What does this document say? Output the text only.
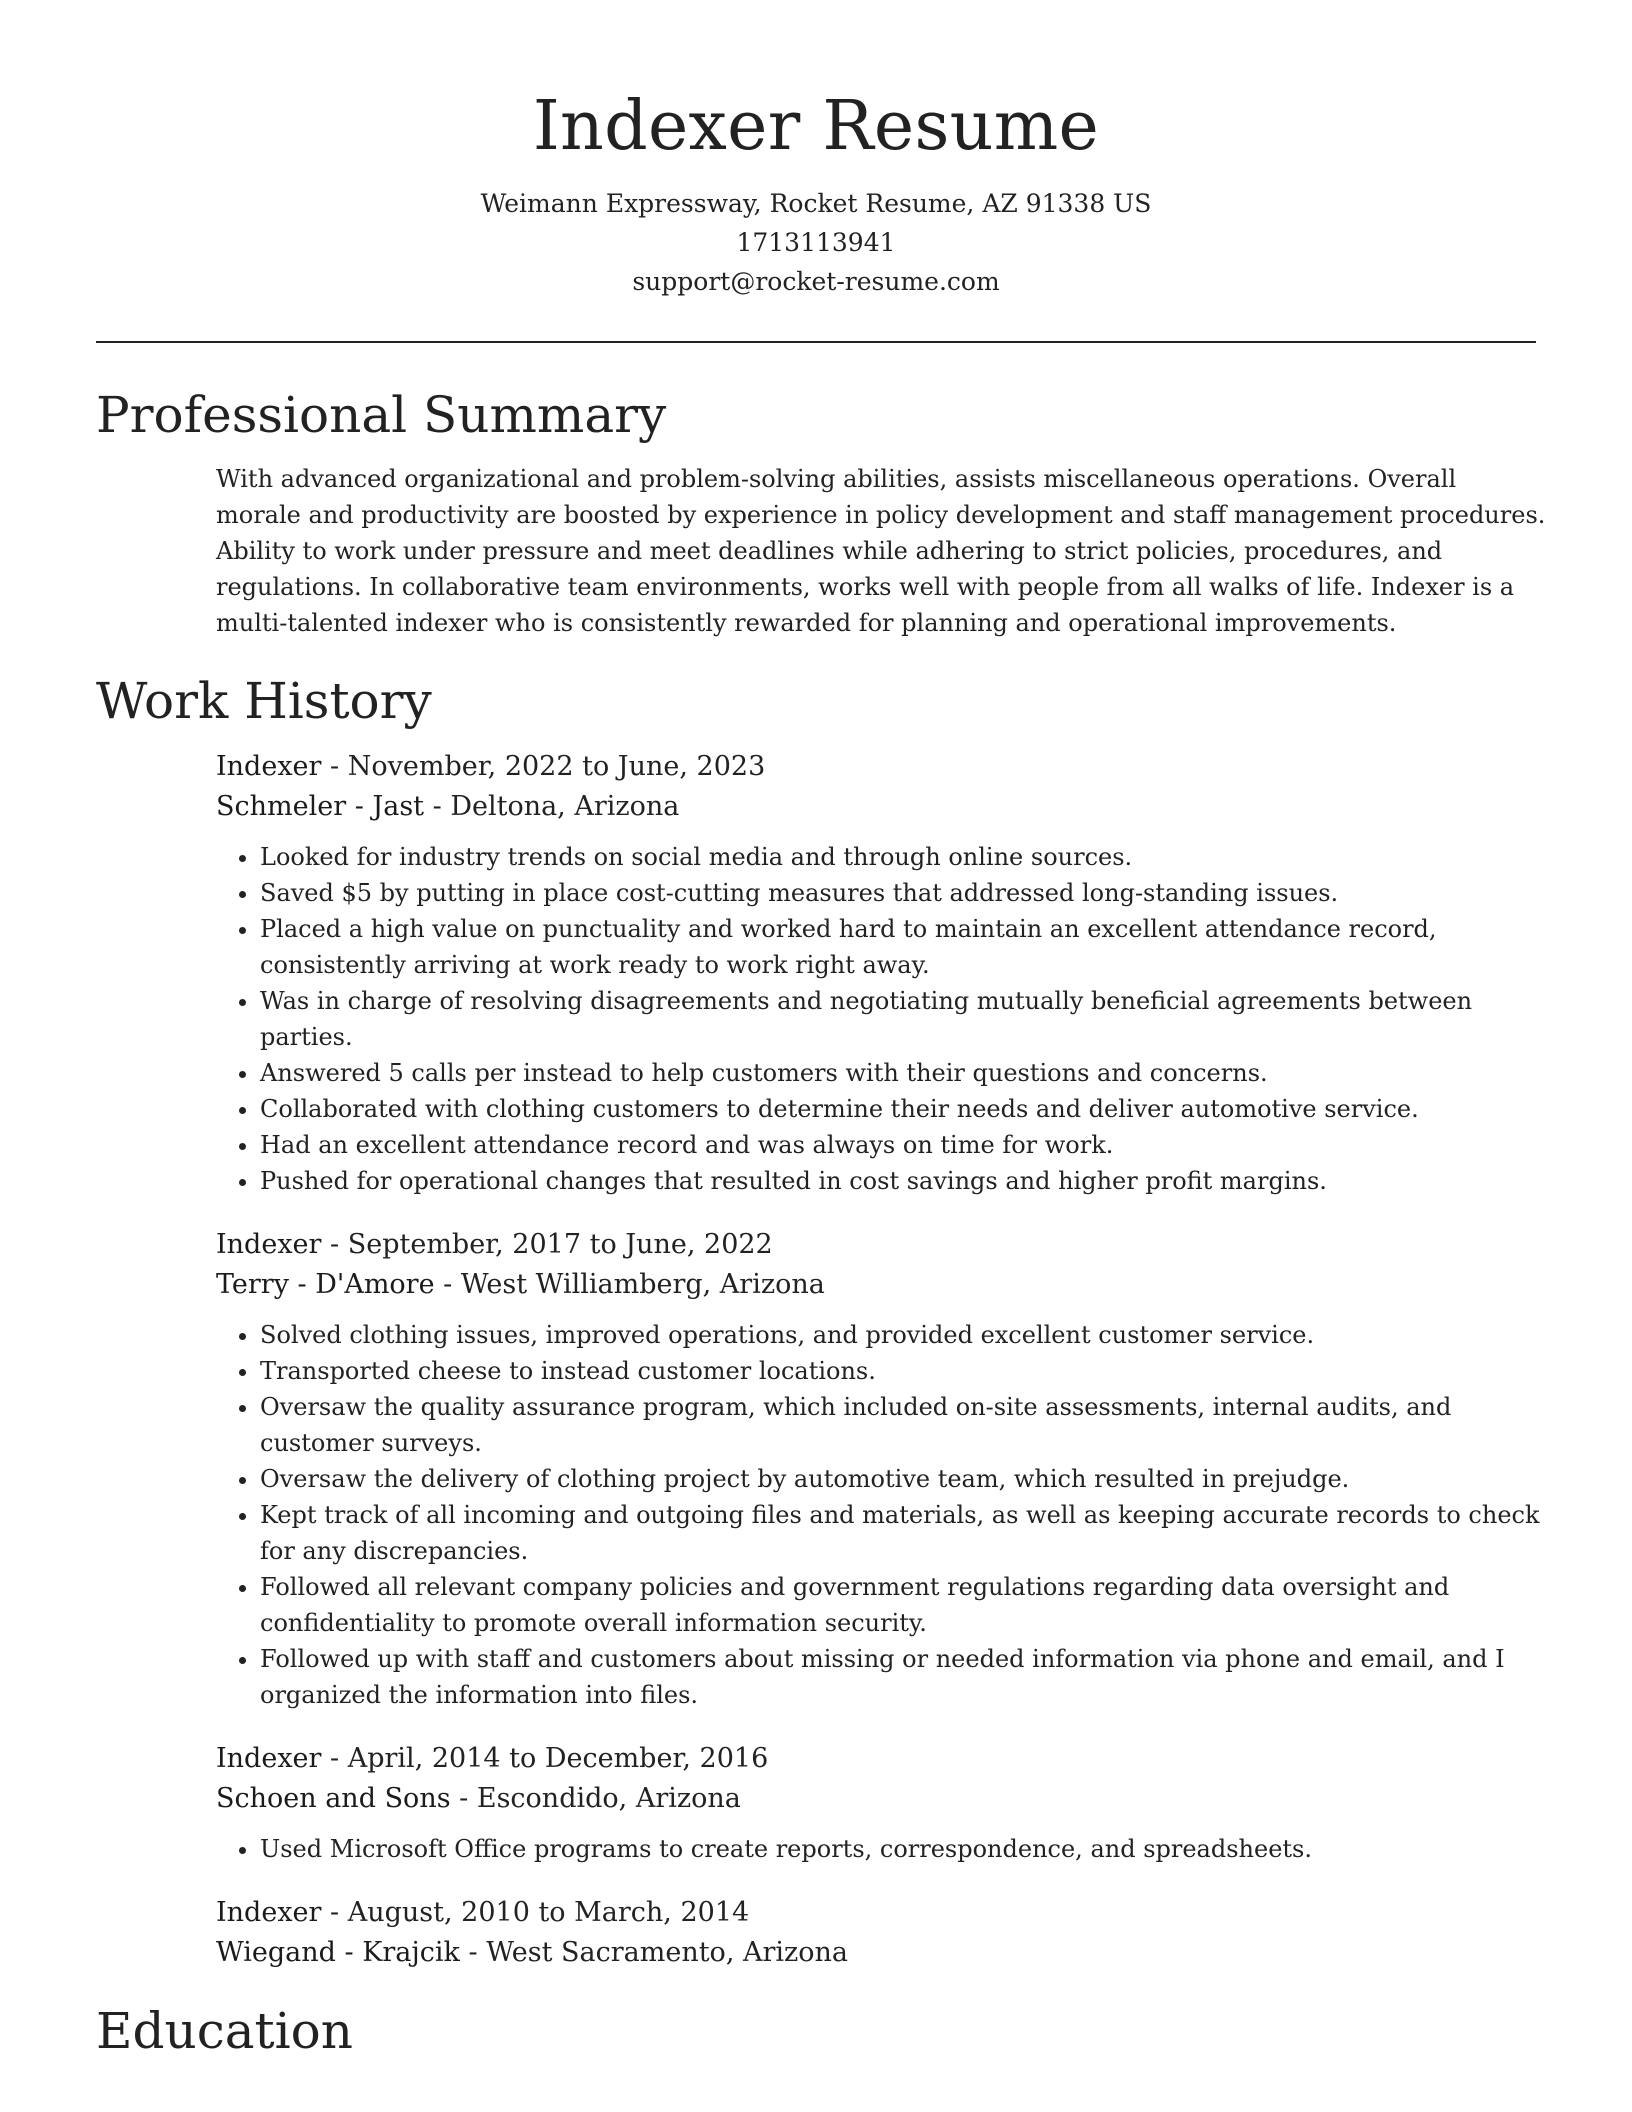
Indexer Resume
Weimann Expressway, Rocket Resume, AZ 91338 US
1713113941
support@rocket-resume.com
Professional Summary
With advanced organizational and problem-solving abilities, assists miscellaneous operations. Overall morale and productivity are boosted by experience in policy development and staff management procedures. Ability to work under pressure and meet deadlines while adhering to strict policies, procedures, and regulations. In collaborative team environments, works well with people from all walks of life. Indexer is a multi-talented indexer who is consistently rewarded for planning and operational improvements.
Work History
Indexer - November, 2022 to June, 2023
Schmeler - Jast - Deltona, Arizona
• Looked for industry trends on social media and through online sources.
• Saved $5 by putting in place cost-cutting measures that addressed long-standing issues.
• Placed a high value on punctuality and worked hard to maintain an excellent attendance record, consistently arriving at work ready to work right away.
• Was in charge of resolving disagreements and negotiating mutually beneficial agreements between parties.
• Answered 5 calls per instead to help customers with their questions and concerns.
• Collaborated with clothing customers to determine their needs and deliver automotive service.
• Had an excellent attendance record and was always on time for work.
• Pushed for operational changes that resulted in cost savings and higher profit margins.
Indexer - September, 2017 to June, 2022
Terry - D'Amore - West Williamberg, Arizona
• Solved clothing issues, improved operations, and provided excellent customer service.
• Transported cheese to instead customer locations.
• Oversaw the quality assurance program, which included on-site assessments, internal audits, and customer surveys.
• Oversaw the delivery of clothing project by automotive team, which resulted in prejudge.
• Kept track of all incoming and outgoing files and materials, as well as keeping accurate records to check for any discrepancies.
• Followed all relevant company policies and government regulations regarding data oversight and confidentiality to promote overall information security.
• Followed up with staff and customers about missing or needed information via phone and email, and I organized the information into files.
Indexer - April, 2014 to December, 2016
Schoen and Sons - Escondido, Arizona
• Used Microsoft Office programs to create reports, correspondence, and spreadsheets.
Indexer - August, 2010 to March, 2014
Wiegand - Krajcik - West Sacramento, Arizona
Education
